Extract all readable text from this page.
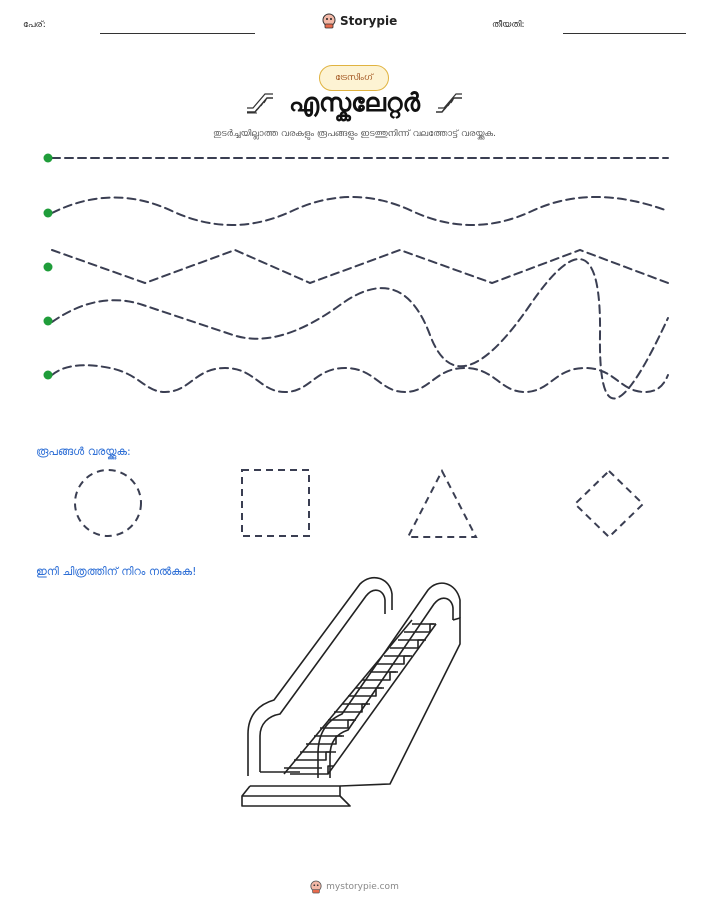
പേര്:	Storypie	തീയതി:
ട്രേസിംഗ്
എസ്കലേറ്റർ
തുടർച്ചയില്ലാത്ത വരകളും രൂപങ്ങളും ഇടത്തുനിന്ന് വലത്തോട്ട് വരയ്ക്കുക.
രൂപങ്ങൾ വരയ്ക്കുക:
ഇനി ചിത്രത്തിന് നിറം നൽകുക!
mystorypie.com
